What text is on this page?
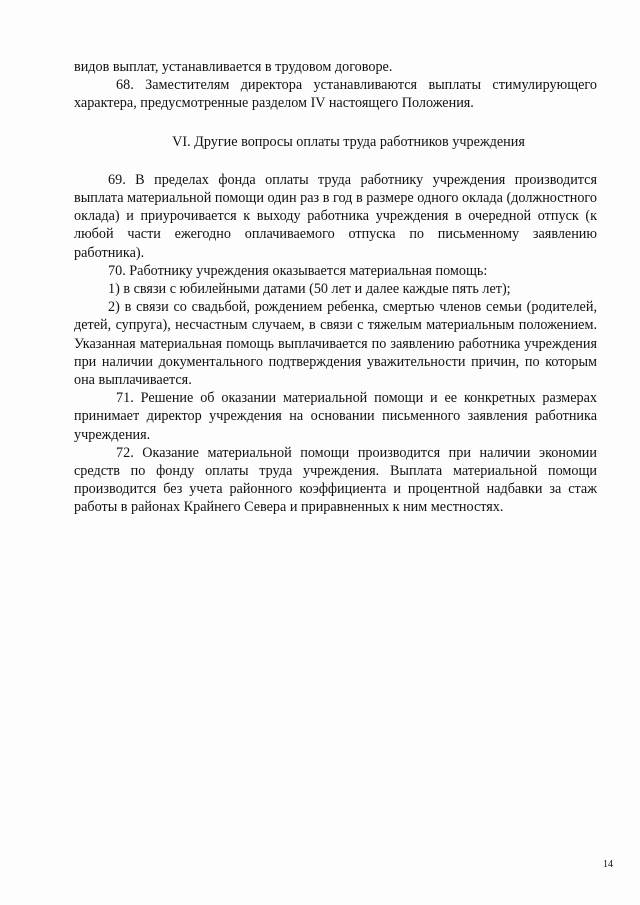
видов выплат, устанавливается в трудовом договоре.

68. Заместителям директора устанавливаются выплаты стимулирующего характера, предусмотренные разделом IV настоящего Положения.

VI. Другие вопросы оплаты труда работников учреждения

69. В пределах фонда оплаты труда работнику учреждения производится выплата материальной помощи один раз в год в размере одного оклада (должностного оклада) и приурочивается к выходу работника учреждения в очередной отпуск (к любой части ежегодно оплачиваемого отпуска по письменному заявлению работника).

70. Работнику учреждения оказывается материальная помощь:

1) в связи с юбилейными датами (50 лет и далее каждые пять лет);

2) в связи со свадьбой, рождением ребенка, смертью членов семьи (родителей, детей, супруга), несчастным случаем, в связи с тяжелым материальным положением. Указанная материальная помощь выплачивается по заявлению работника учреждения при наличии документального подтверждения уважительности причин, по которым она выплачивается.

71. Решение об оказании материальной помощи и ее конкретных размерах принимает директор учреждения на основании письменного заявления работника учреждения.

72. Оказание материальной помощи производится при наличии экономии средств по фонду оплаты труда учреждения. Выплата материальной помощи производится без учета районного коэффициента и процентной надбавки за стаж работы в районах Крайнего Севера и приравненных к ним местностях.

14
